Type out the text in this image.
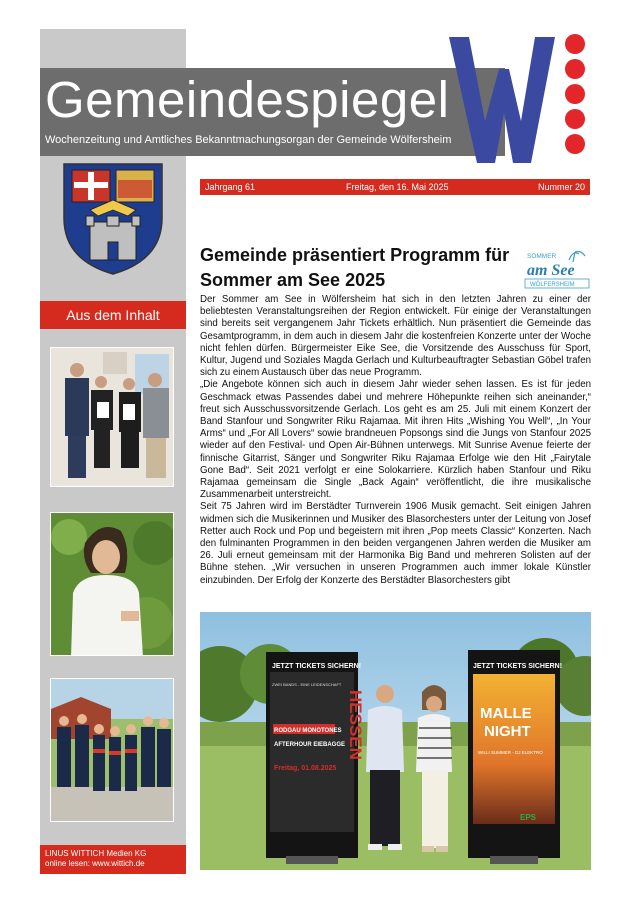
Gemeindespiegel
Wochenzeitung und Amtliches Bekanntmachungsorgan der Gemeinde Wölfersheim
Jahrgang 61	Freitag, den 16. Mai 2025	Nummer 20
Aus dem Inhalt
LINUS WITTICH Medien KG
online lesen: www.wittich.de
Gemeinde präsentiert Programm für
Sommer am See 2025
SOMMER
am See
WÖLFERSHEIM

Der Sommer am See in Wölfersheim hat sich in den letzten Jahren zu einer der beliebtesten Veranstaltungsreihen der Region entwickelt. Für einige der Veranstaltungen sind bereits seit vergangenem Jahr Tickets erhältlich. Nun präsentiert die Gemeinde das Gesamtprogramm, in dem auch in diesem Jahr die kostenfreien Konzerte unter der Woche nicht fehlen dürfen. Bürgermeister Eike See, die Vorsitzende des Ausschuss für Sport, Kultur, Jugend und Soziales Magda Gerlach und Kulturbeauftragter Sebastian Göbel trafen sich zu einem Austausch über das neue Programm.

„Die Angebote können sich auch in diesem Jahr wieder sehen lassen. Es ist für jeden Geschmack etwas Passendes dabei und mehrere Höhepunkte reihen sich aneinander,“ freut sich Ausschussvorsitzende Gerlach. Los geht es am 25. Juli mit einem Konzert der Band Stanfour und Songwriter Riku Rajamaa. Mit ihren Hits „Wishing You Well“, „In Your Arms“ und „For All Lovers“ sowie brandneuen Popsongs sind die Jungs von Stanfour 2025 wieder auf den Festival- und Open Air-Bühnen unterwegs. Mit Sunrise Avenue feierte der finnische Gitarrist, Sänger und Songwriter Riku Rajamaa Erfolge wie den Hit „Fairytale Gone Bad“. Seit 2021 verfolgt er eine Solokarriere. Kürzlich haben Stanfour und Riku Rajamaa gemeinsam die Single „Back Again“ veröffentlicht, die ihre musikalische Zusammenarbeit unterstreicht.

Seit 75 Jahren wird im Berstädter Turnverein 1906 Musik gemacht. Seit einigen Jahren widmen sich die Musikerinnen und Musiker des Blasorchesters unter der Leitung von Josef Retter auch Rock und Pop und begeistern mit ihren „Pop meets Classic“ Konzerten. Nach den fulminanten Programmen in den beiden vergangenen Jahren werden die Musiker am 26. Juli erneut gemeinsam mit der Harmonika Big Band und mehreren Solisten auf der Bühne stehen. „Wir versuchen in unseren Programmen auch immer lokale Künstler einzubinden. Der Erfolg der Konzerte des Berstädter Blasorchesters gibt

JETZT TICKETS SICHERN!
ZWEI BANDS - EINE LEIDENSCHAFT
HESSEN
RODGAU MONOTONES
AFTERHOUR EIEBAGGE
Freitag, 01.08.2025
JETZT TICKETS SICHERN!
MALLE
NIGHT
WILLI SUMMER - DJ ELEKTRO
EPS
